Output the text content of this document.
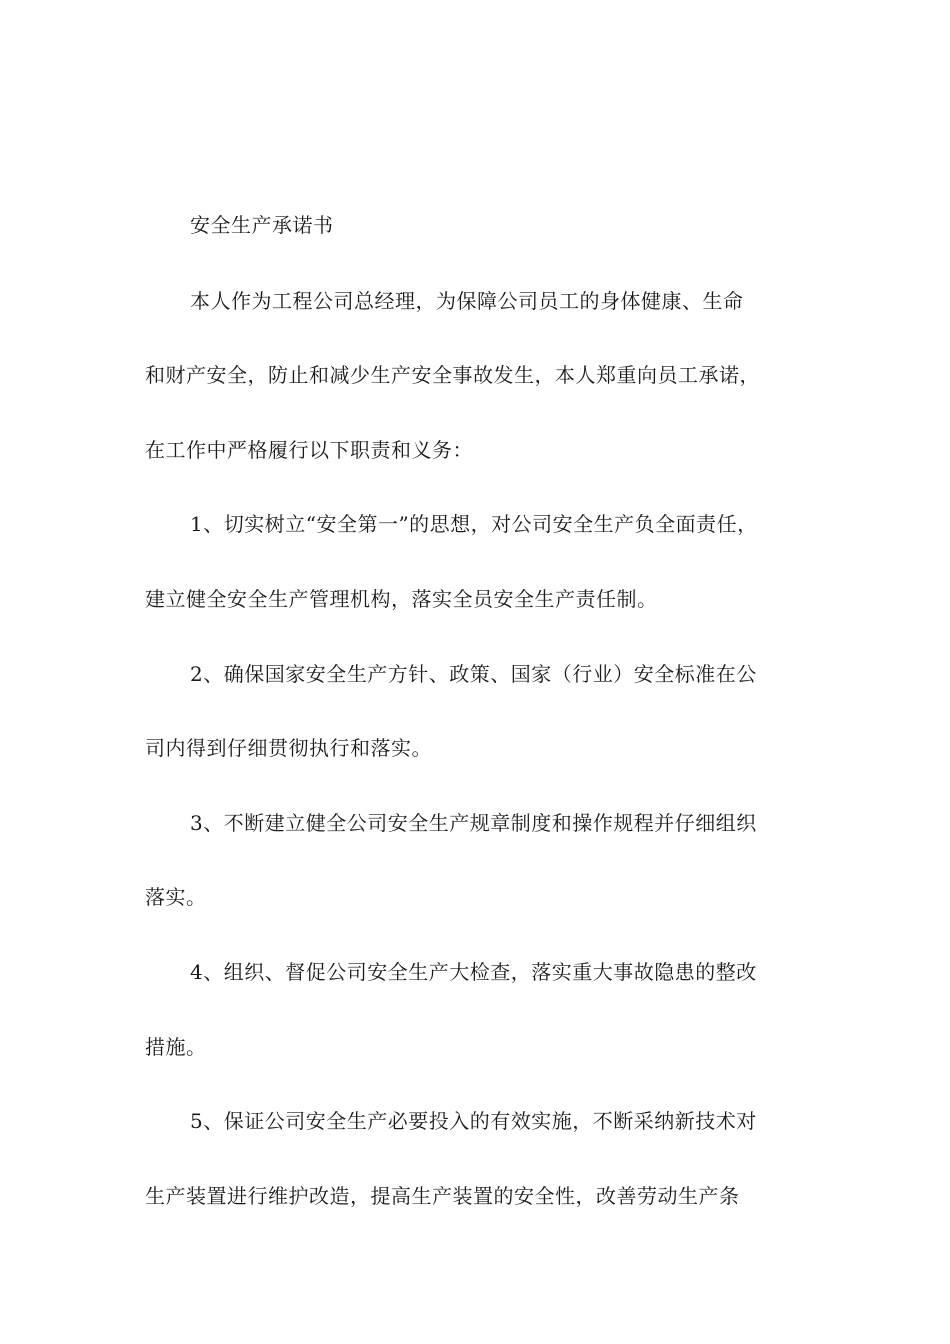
安全生产承诺书
本人作为工程公司总经理，为保障公司员工的身体健康、生命
和财产安全，防止和减少生产安全事故发生，本人郑重向员工承诺，
在工作中严格履行以下职责和义务：
1、切实树立“安全第一”的思想，对公司安全生产负全面责任，
建立健全安全生产管理机构，落实全员安全生产责任制。
2、确保国家安全生产方针、政策、国家（行业）安全标准在公
司内得到仔细贯彻执行和落实。
3、不断建立健全公司安全生产规章制度和操作规程并仔细组织
落实。
4、组织、督促公司安全生产大检查，落实重大事故隐患的整改
措施。
5、保证公司安全生产必要投入的有效实施，不断采纳新技术对
生产装置进行维护改造，提高生产装置的安全性，改善劳动生产条
